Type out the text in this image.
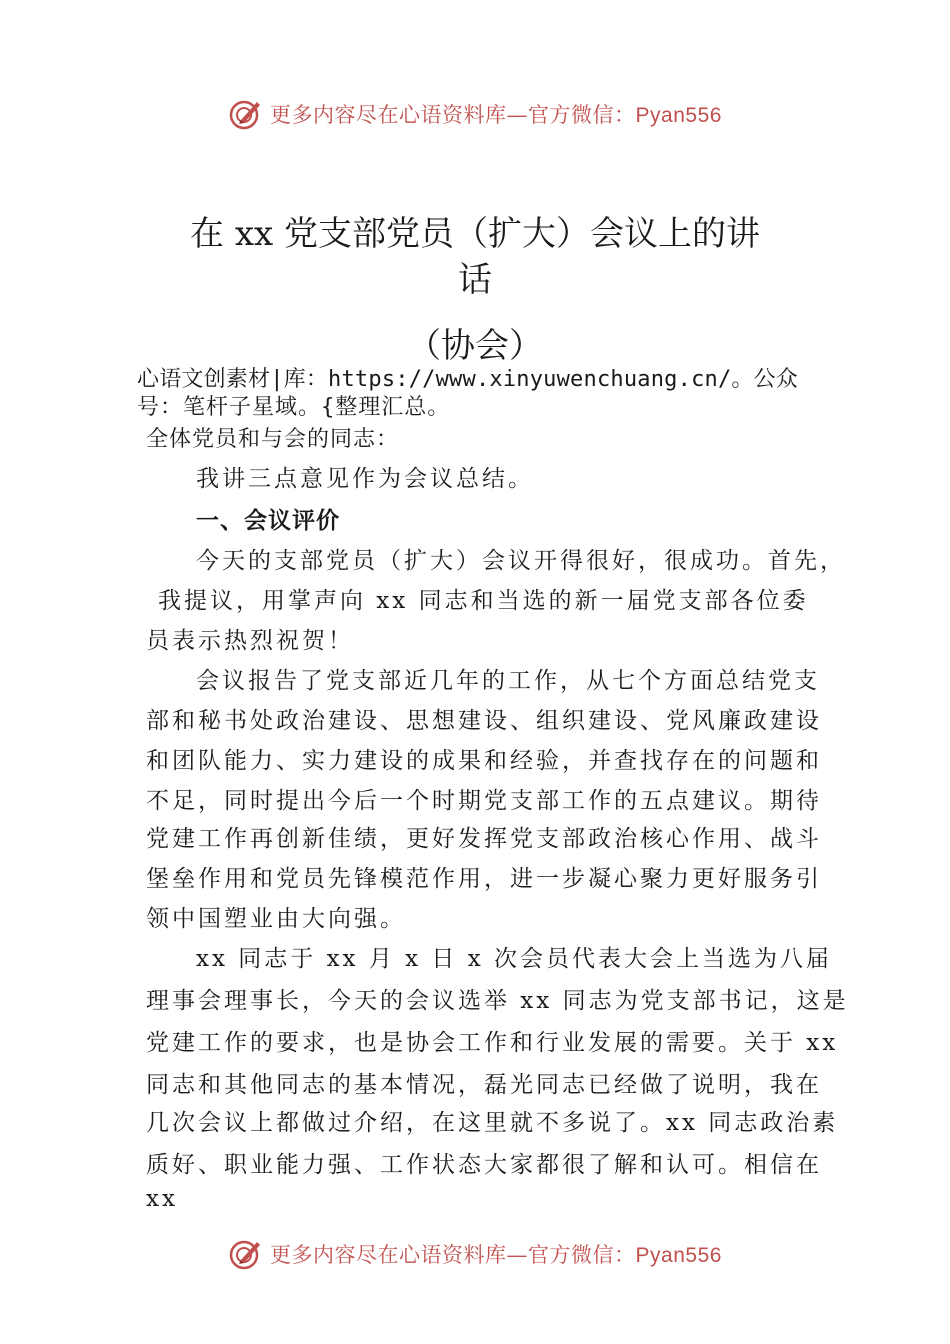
更多内容尽在心语资料库—官方微信：Pyan556
在 xx 党支部党员（扩大）会议上的讲
话
（协会）
心语文创素材|库：https://www.xinyuwenchuang.cn/。公众
号：笔杆子星域。{整理汇总。
全体党员和与会的同志：
我讲三点意见作为会议总结。
一、会议评价
今天的支部党员（扩大）会议开得很好，很成功。首先，
我提议，用掌声向 xx 同志和当选的新一届党支部各位委
员表示热烈祝贺！
会议报告了党支部近几年的工作，从七个方面总结党支
部和秘书处政治建设、思想建设、组织建设、党风廉政建设
和团队能力、实力建设的成果和经验，并查找存在的问题和
不足，同时提出今后一个时期党支部工作的五点建议。期待
党建工作再创新佳绩，更好发挥党支部政治核心作用、战斗
堡垒作用和党员先锋模范作用，进一步凝心聚力更好服务引
领中国塑业由大向强。
xx 同志于 xx 月 x 日 x 次会员代表大会上当选为八届
理事会理事长，今天的会议选举 xx 同志为党支部书记，这是
党建工作的要求，也是协会工作和行业发展的需要。关于 xx
同志和其他同志的基本情况，磊光同志已经做了说明，我在
几次会议上都做过介绍，在这里就不多说了。xx 同志政治素
质好、职业能力强、工作状态大家都很了解和认可。相信在
xx
更多内容尽在心语资料库—官方微信：Pyan556
